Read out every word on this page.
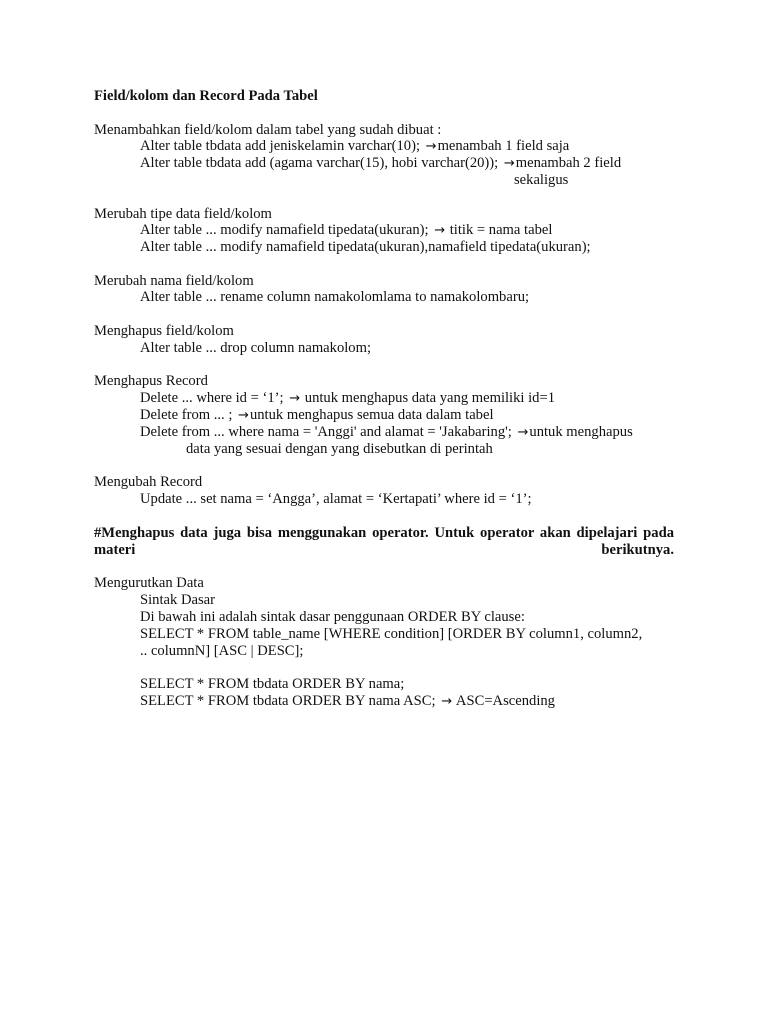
Field/kolom dan Record Pada Tabel
Menambahkan field/kolom dalam tabel yang sudah dibuat :
Alter table tbdata add jeniskelamin varchar(10); →menambah 1 field saja
Alter table tbdata add (agama varchar(15), hobi varchar(20)); →menambah 2 field
sekaligus
Merubah tipe data field/kolom
Alter table ... modify namafield tipedata(ukuran); → titik = nama tabel
Alter table ... modify namafield tipedata(ukuran),namafield tipedata(ukuran);
Merubah nama field/kolom
Alter table ... rename column namakolomlama to namakolombaru;
Menghapus field/kolom
Alter table ... drop column namakolom;
Menghapus Record
Delete ... where id = ‘1’; → untuk menghapus data yang memiliki id=1
Delete from ... ; →untuk menghapus semua data dalam tabel
Delete from ... where nama = 'Anggi' and alamat = 'Jakabaring'; →untuk menghapus
data yang sesuai dengan yang disebutkan di perintah
Mengubah Record
Update ... set nama = ‘Angga’, alamat = ‘Kertapati’ where id = ‘1’;
#Menghapus data juga bisa menggunakan operator. Untuk operator akan dipelajari pada materi berikutnya.
Mengurutkan Data
Sintak Dasar
Di bawah ini adalah sintak dasar penggunaan ORDER BY clause:
SELECT * FROM table_name [WHERE condition] [ORDER BY column1, column2,
.. columnN] [ASC | DESC];
SELECT * FROM tbdata ORDER BY nama;
SELECT * FROM tbdata ORDER BY nama ASC; → ASC=Ascending
